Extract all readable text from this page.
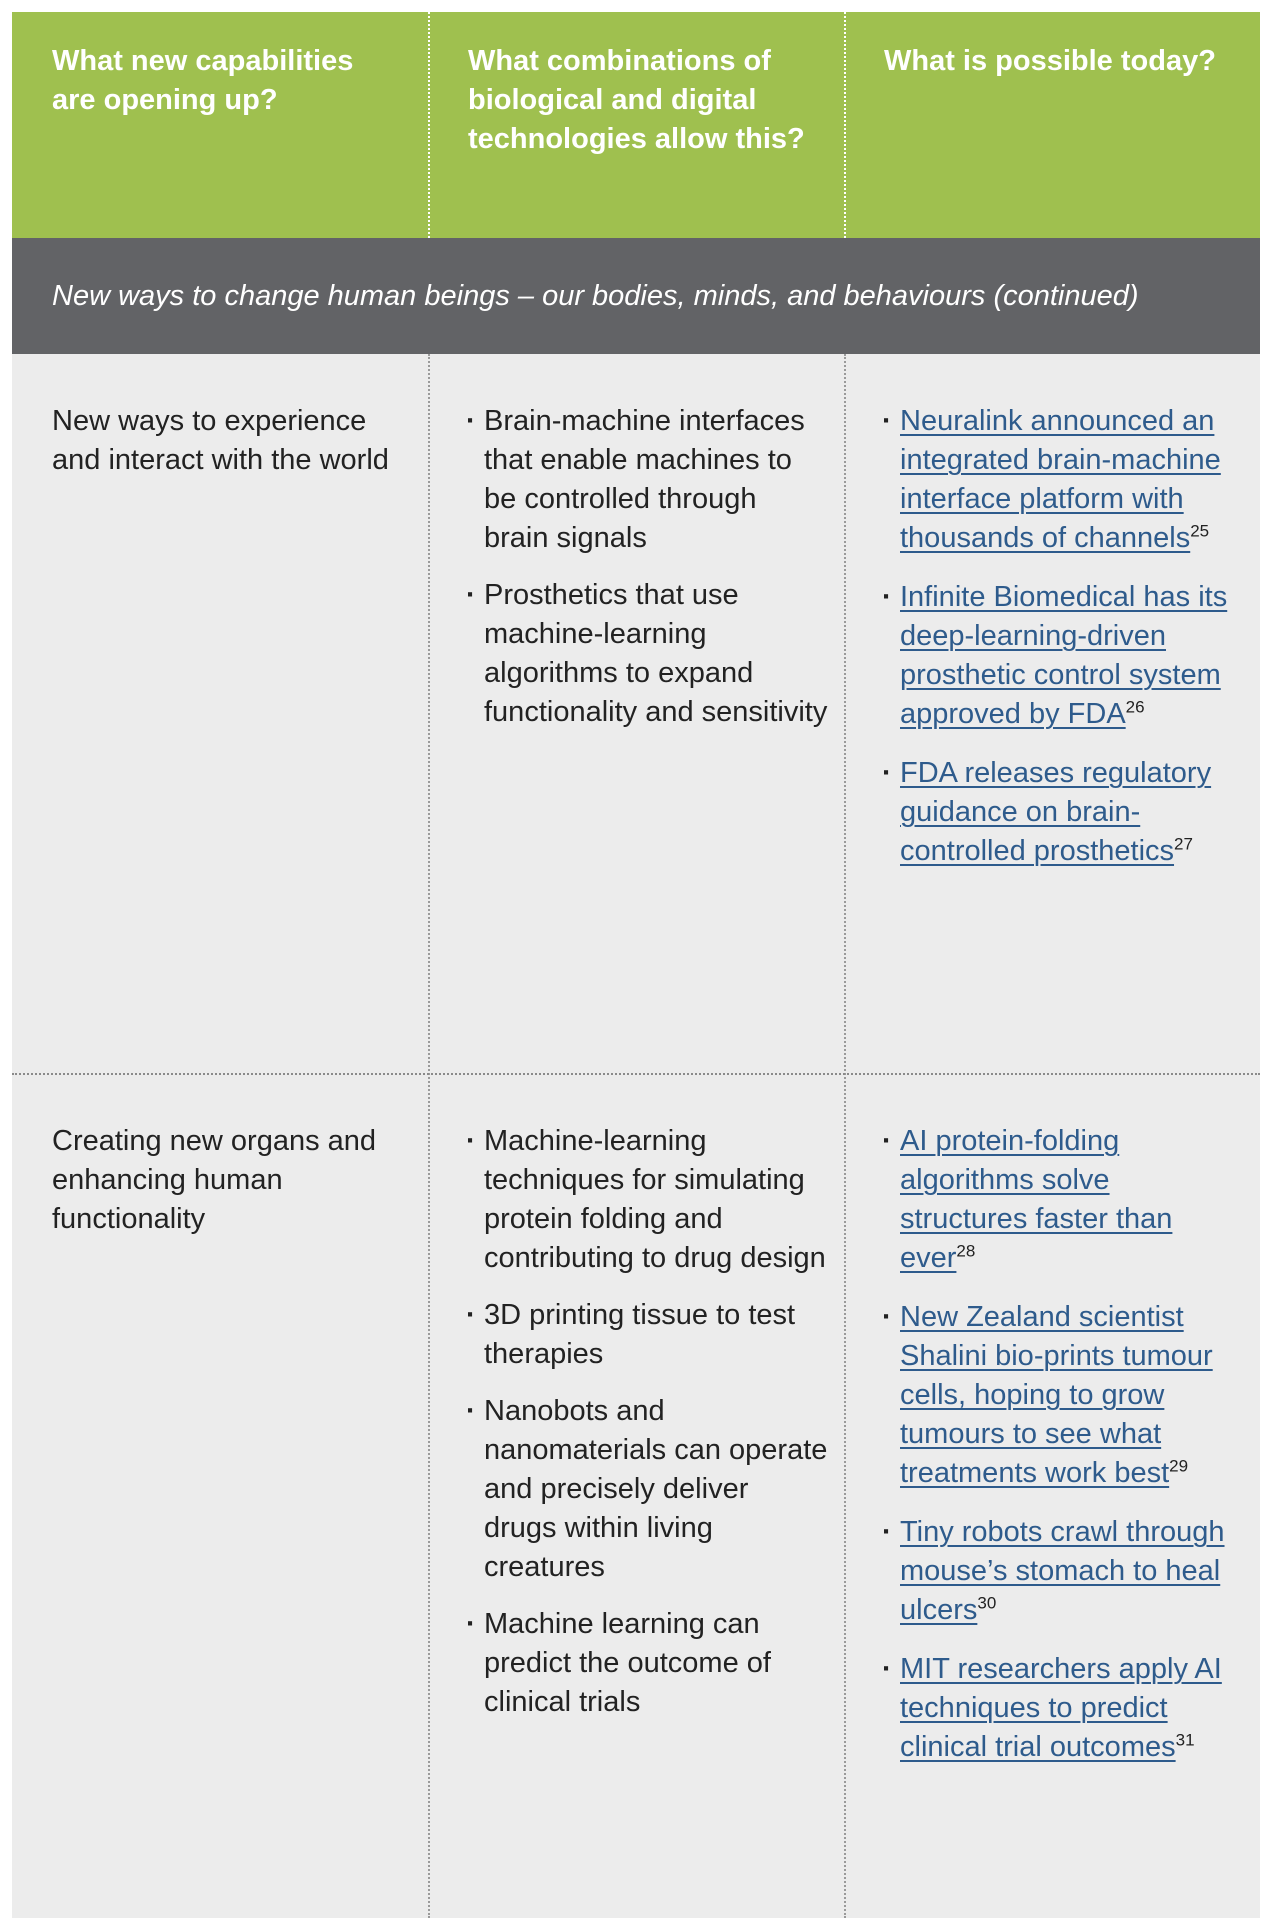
What new capabilities are opening up?
What combinations of biological and digital technologies allow this?
What is possible today?
New ways to change human beings – our bodies, minds, and behaviours (continued)
New ways to experience and interact with the world
· Brain-machine interfaces that enable machines to be controlled through brain signals
· Prosthetics that use machine-learning algorithms to expand functionality and sensitivity
· Neuralink announced an integrated brain-machine interface platform with thousands of channels$^{25}$
· Infinite Biomedical has its deep-learning-driven prosthetic control system approved by $FDA^{26}$
· FDA releases regulatory guidance on brain-controlled prosthetics$^{27}$
Creating new organs and enhancing human functionality
· Machine-learning techniques for simulating protein folding and contributing to drug design
· 3D printing tissue to test therapies
· Nanobots and nanomaterials can operate and precisely deliver drugs within living creatures
· Machine learning can predict the outcome of clinical trials
· AI protein-folding algorithms solve structures faster than ever$^{28}$
· New Zealand scientist Shalini bio-prints tumour cells, hoping to grow tumours to see what treatments work best$^{29}$
· Tiny robots crawl through mouse’s stomach to heal ulcers$^{30}$
· MIT researchers apply AI techniques to predict clinical trial outcomes$^{31}$
